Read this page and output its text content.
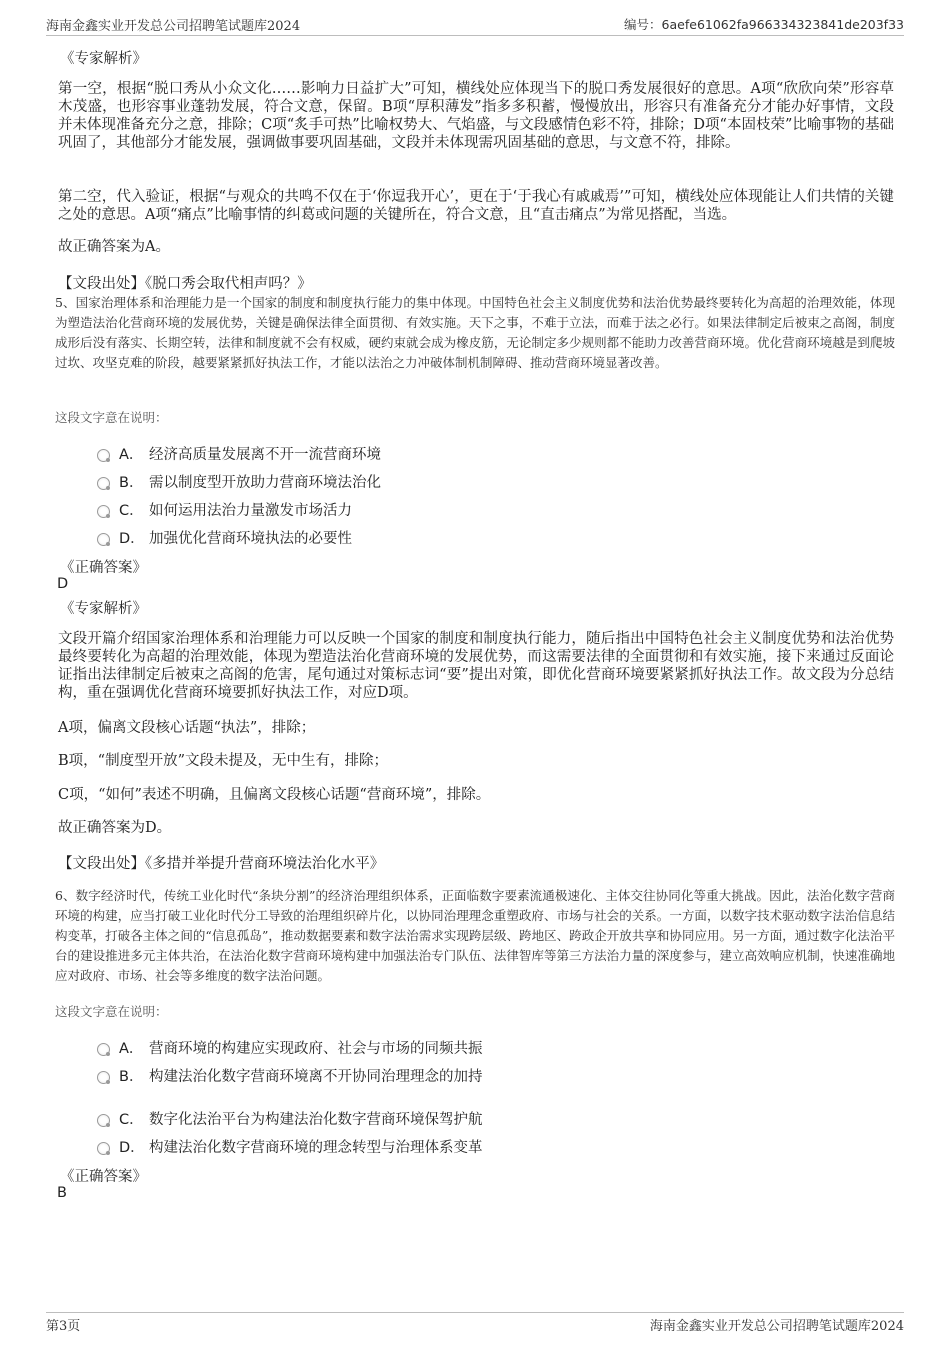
海南金鑫实业开发总公司招聘笔试题库2024	编号：6aefe61062fa966334323841de203f33
《专家解析》

第一空，根据“脱口秀从小众文化……影响力日益扩大”可知，横线处应体现当下的脱口秀发展很好的意思。A项“欣欣向荣”形容草木茂盛，也形容事业蓬勃发展，符合文意，保留。B项“厚积薄发”指多多积蓄，慢慢放出，形容只有准备充分才能办好事情，文段并未体现准备充分之意，排除；C项“炙手可热”比喻权势大、气焰盛，与文段感情色彩不符，排除；D项“本固枝荣”比喻事物的基础巩固了，其他部分才能发展，强调做事要巩固基础，文段并未体现需巩固基础的意思，与文意不符，排除。

第二空，代入验证，根据“与观众的共鸣不仅在于‘你逗我开心’，更在于‘于我心有戚戚焉’”可知，横线处应体现能让人们共情的关键之处的意思。A项“痛点”比喻事情的纠葛或问题的关键所在，符合文意，且“直击痛点”为常见搭配，当选。

故正确答案为A。

【文段出处】《脱口秀会取代相声吗？》

5、国家治理体系和治理能力是一个国家的制度和制度执行能力的集中体现。中国特色社会主义制度优势和法治优势最终要转化为高超的治理效能，体现为塑造法治化营商环境的发展优势，关键是确保法律全面贯彻、有效实施。天下之事，不难于立法，而难于法之必行。如果法律制定后被束之高阁，制度成形后没有落实、长期空转，法律和制度就不会有权威，硬约束就会成为橡皮筋，无论制定多少规则都不能助力改善营商环境。优化营商环境越是到爬坡过坎、攻坚克难的阶段，越要紧紧抓好执法工作，才能以法治之力冲破体制机制障碍、推动营商环境显著改善。

这段文字意在说明：
A． 经济高质量发展离不开一流营商环境
B． 需以制度型开放助力营商环境法治化
C． 如何运用法治力量激发市场活力
D． 加强优化营商环境执法的必要性
《正确答案》
D
《专家解析》

文段开篇介绍国家治理体系和治理能力可以反映一个国家的制度和制度执行能力，随后指出中国特色社会主义制度优势和法治优势最终要转化为高超的治理效能，体现为塑造法治化营商环境的发展优势，而这需要法律的全面贯彻和有效实施，接下来通过反面论证指出法律制定后被束之高阁的危害，尾句通过对策标志词“要”提出对策，即优化营商环境要紧紧抓好执法工作。故文段为分总结构，重在强调优化营商环境要抓好执法工作，对应D项。

A项，偏离文段核心话题“执法”，排除；

B项，“制度型开放”文段未提及，无中生有，排除；

C项，“如何”表述不明确，且偏离文段核心话题“营商环境”，排除。

故正确答案为D。

【文段出处】《多措并举提升营商环境法治化水平》

6、数字经济时代，传统工业化时代“条块分割”的经济治理组织体系，正面临数字要素流通极速化、主体交往协同化等重大挑战。因此，法治化数字营商环境的构建，应当打破工业化时代分工导致的治理组织碎片化，以协同治理理念重塑政府、市场与社会的关系。一方面，以数字技术驱动数字法治信息结构变革，打破各主体之间的“信息孤岛”，推动数据要素和数字法治需求实现跨层级、跨地区、跨政企开放共享和协同应用。另一方面，通过数字化法治平台的建设推进多元主体共治，在法治化数字营商环境构建中加强法治专门队伍、法律智库等第三方法治力量的深度参与，建立高效响应机制，快速准确地应对政府、市场、社会等多维度的数字法治问题。

这段文字意在说明：
A． 营商环境的构建应实现政府、社会与市场的同频共振
B． 构建法治化数字营商环境离不开协同治理理念的加持
C． 数字化法治平台为构建法治化数字营商环境保驾护航
D． 构建法治化数字营商环境的理念转型与治理体系变革
《正确答案》
B
第3页	海南金鑫实业开发总公司招聘笔试题库2024
